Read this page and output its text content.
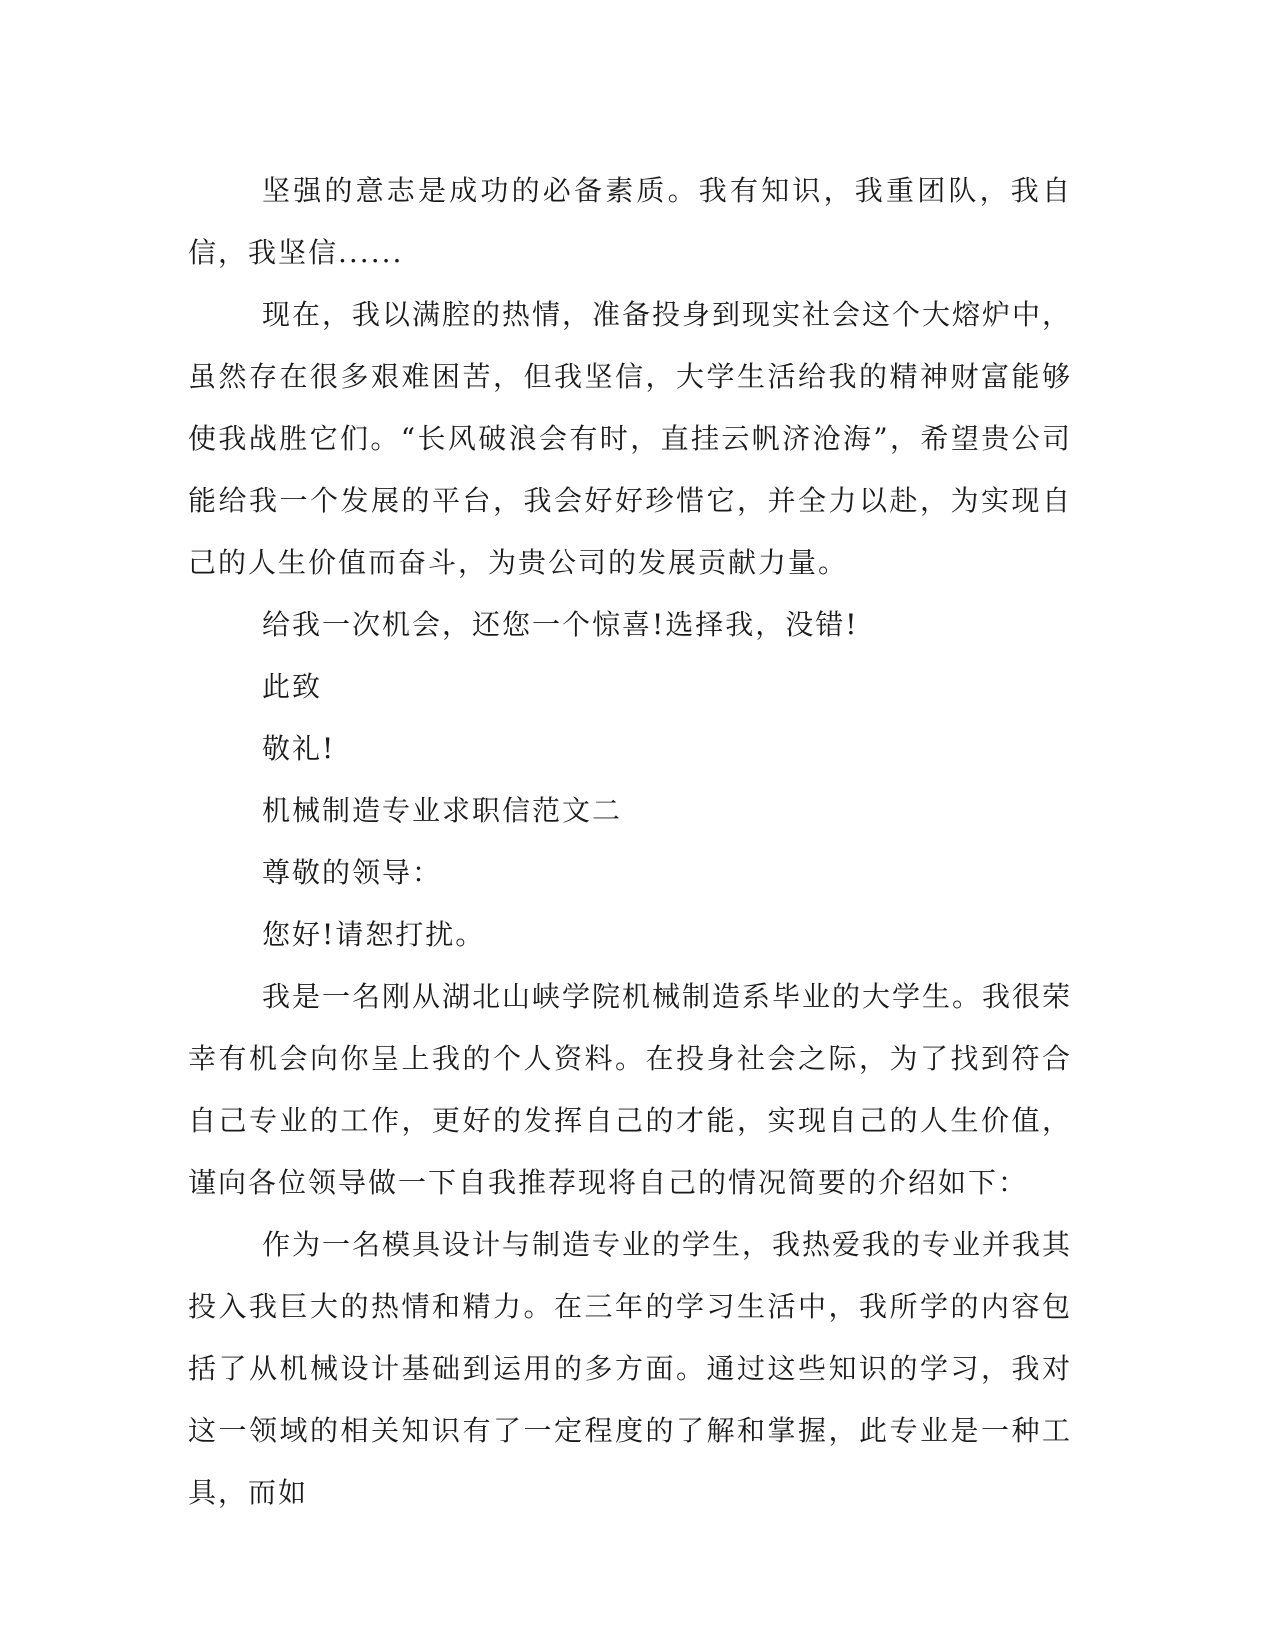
坚强的意志是成功的必备素质。我有知识，我重团队，我自信，我坚信......

现在，我以满腔的热情，准备投身到现实社会这个大熔炉中，虽然存在很多艰难困苦，但我坚信，大学生活给我的精神财富能够使我战胜它们。“长风破浪会有时，直挂云帆济沧海”，希望贵公司能给我一个发展的平台，我会好好珍惜它，并全力以赴，为实现自己的人生价值而奋斗，为贵公司的发展贡献力量。

给我一次机会，还您一个惊喜!选择我，没错!

此致

敬礼!

机械制造专业求职信范文二

尊敬的领导：

您好!请恕打扰。

我是一名刚从湖北山峡学院机械制造系毕业的大学生。我很荣幸有机会向你呈上我的个人资料。在投身社会之际，为了找到符合自己专业的工作，更好的发挥自己的才能，实现自己的人生价值，谨向各位领导做一下自我推荐现将自己的情况简要的介绍如下：

作为一名模具设计与制造专业的学生，我热爱我的专业并我其投入我巨大的热情和精力。在三年的学习生活中，我所学的内容包括了从机械设计基础到运用的多方面。通过这些知识的学习，我对这一领域的相关知识有了一定程度的了解和掌握，此专业是一种工具，而如
